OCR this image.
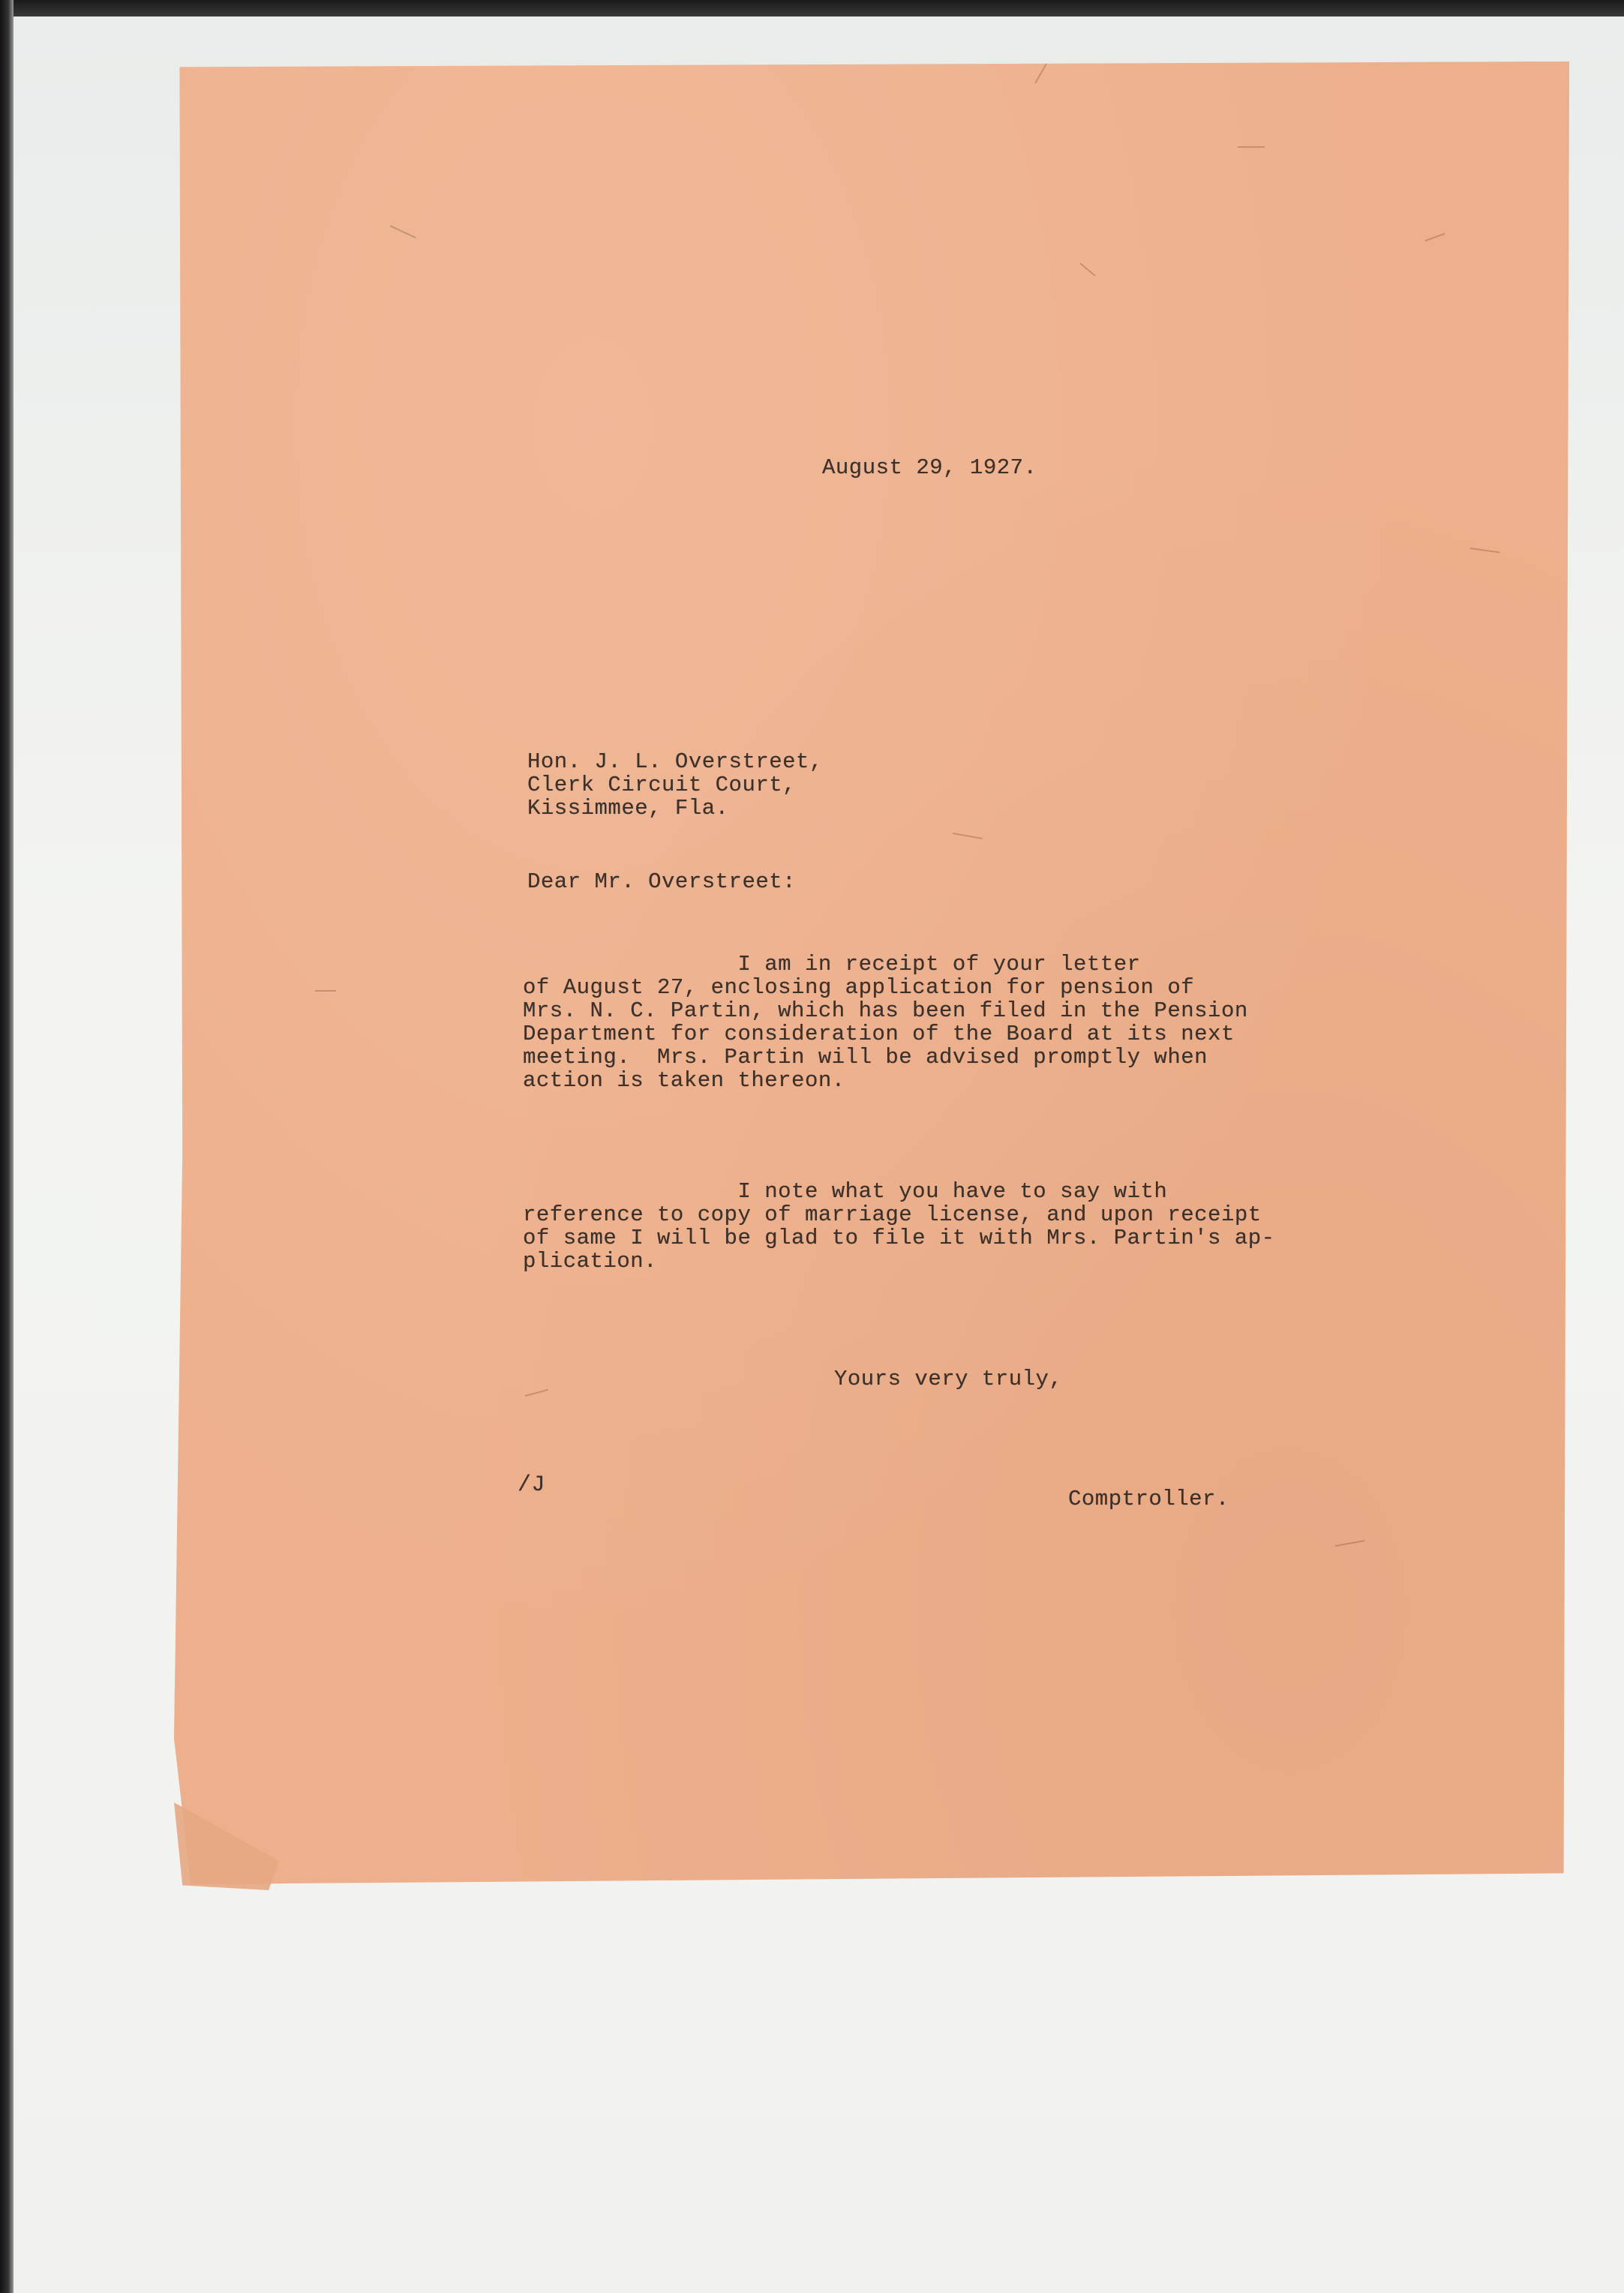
August 29, 1927.
Hon. J. L. Overstreet,
Clerk Circuit Court,
Kissimmee, Fla.
Dear Mr. Overstreet:
I am in receipt of your letter
of August 27, enclosing application for pension of
Mrs. N. C. Partin, which has been filed in the Pension
Department for consideration of the Board at its next
meeting.  Mrs. Partin will be advised promptly when
action is taken thereon.
I note what you have to say with
reference to copy of marriage license, and upon receipt
of same I will be glad to file it with Mrs. Partin's ap-
plication.
Yours very truly,
/J
Comptroller.
